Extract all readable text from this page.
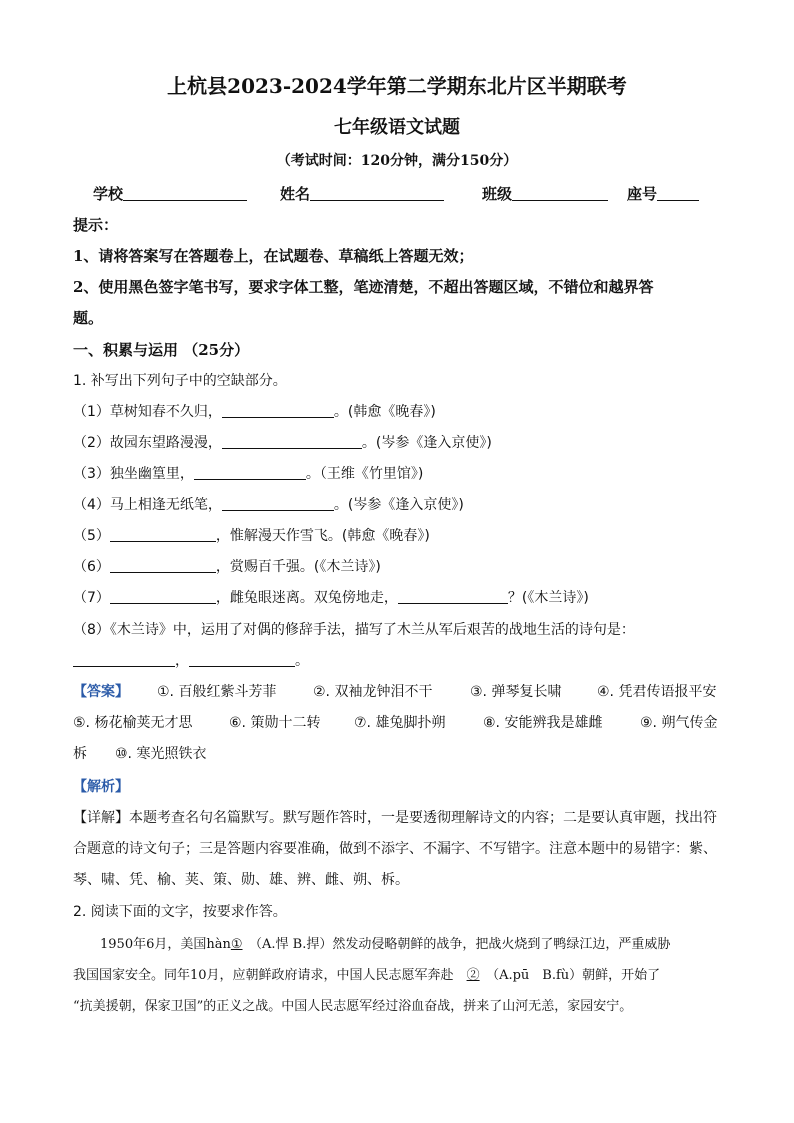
上杭县2023-2024学年第二学期东北片区半期联考
七年级语文试题
（考试时间：120分钟，满分150分）
学校	姓名	班级	座号
提示：
1、请将答案写在答题卷上，在试题卷、草稿纸上答题无效；
2、使用黑色签字笔书写，要求字体工整，笔迹清楚，不超出答题区域，不错位和越界答
题。
一、积累与运用 （25分）
1. 补写出下列句子中的空缺部分。
（1）草树知春不久归，	。(韩愈《晚春》)
（2）故园东望路漫漫，	。(岑参《逢入京使》)
（3）独坐幽篁里，	。（王维《竹里馆》)
（4）马上相逢无纸笔，	。(岑参《逢入京使》)
（5）	，惟解漫天作雪飞。(韩愈《晚春》)
（6）	，赏赐百千强。(《木兰诗》)
（7）	，雌兔眼迷离。双兔傍地走，	？(《木兰诗》)
（8）《木兰诗》中，运用了对偶的修辞手法，描写了木兰从军后艰苦的战地生活的诗句是：
，	。
【答案】 ①. 百般红紫斗芳菲	②. 双袖龙钟泪不干	③. 弹琴复长啸	④. 凭君传语报平安
⑤. 杨花榆荚无才思	⑥. 策勋十二转 ⑦. 雄兔脚扑朔	⑧. 安能辨我是雄雌	⑨. 朔气传金
柝 ⑩. 寒光照铁衣
【解析】
【详解】本题考查名句名篇默写。默写题作答时，一是要透彻理解诗文的内容；二是要认真审题，找出符
合题意的诗文句子；三是答题内容要准确，做到不添字、不漏字、不写错字。注意本题中的易错字：紫、
琴、啸、凭、榆、荚、策、勋、雄、辨、雌、朔、柝。
2. 阅读下面的文字，按要求作答。
1950年6月，美国hàn①　 （A.悍 B.捍）然发动侵略朝鲜的战争，把战火烧到了鸭绿江边，严重威胁
我国国家安全。同年10月，应朝鲜政府请求，中国人民志愿军奔赴　 ②　 （A.pū　B.fù）朝鲜，开始了
“抗美援朝，保家卫国”的正义之战。中国人民志愿军经过浴血奋战，拼来了山河无恙，家园安宁。
